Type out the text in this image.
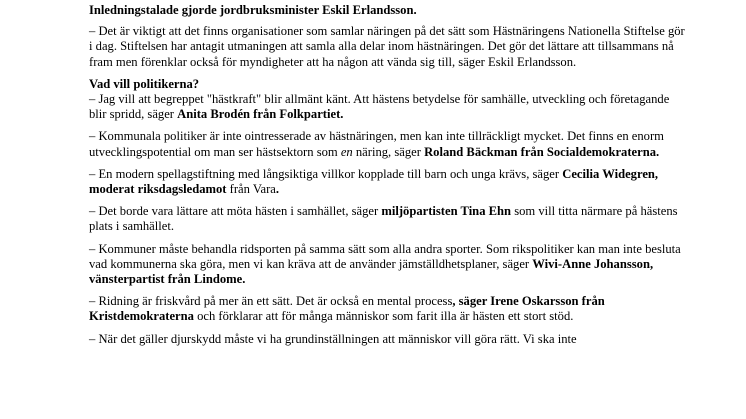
Inledningstalade gjorde jordbruksminister Eskil Erlandsson.

– Det är viktigt att det finns organisationer som samlar näringen på det sätt som Hästnäringens Nationella Stiftelse gör i dag. Stiftelsen har antagit utmaningen att samla alla delar inom hästnäringen. Det gör det lättare att tillsammans nå fram men förenklar också för myndigheter att ha någon att vända sig till, säger Eskil Erlandsson.

Vad vill politikerna?

– Jag vill att begreppet "hästkraft" blir allmänt känt. Att hästens betydelse för samhälle, utveckling och företagande blir spridd, säger Anita Brodén från Folkpartiet.

– Kommunala politiker är inte ointresserade av hästnäringen, men kan inte tillräckligt mycket. Det finns en enorm utvecklingspotential om man ser hästsektorn som en näring, säger Roland Bäckman från Socialdemokraterna.

– En modern spellagstiftning med långsiktiga villkor kopplade till barn och unga krävs, säger Cecilia Widegren, moderat riksdagsledamot från Vara.

– Det borde vara lättare att möta hästen i samhället, säger miljöpartisten Tina Ehn som vill titta närmare på hästens plats i samhället.

– Kommuner måste behandla ridsporten på samma sätt som alla andra sporter. Som rikspolitiker kan man inte besluta vad kommunerna ska göra, men vi kan kräva att de använder jämställdhetsplaner, säger Wivi-Anne Johansson, vänsterpartist från Lindome.

– Ridning är friskvård på mer än ett sätt. Det är också en mental process, säger Irene Oskarsson från Kristdemokraterna och förklarar att för många människor som farit illa är hästen ett stort stöd.

– När det gäller djurskydd måste vi ha grundinställningen att människor vill göra rätt. Vi ska inte
